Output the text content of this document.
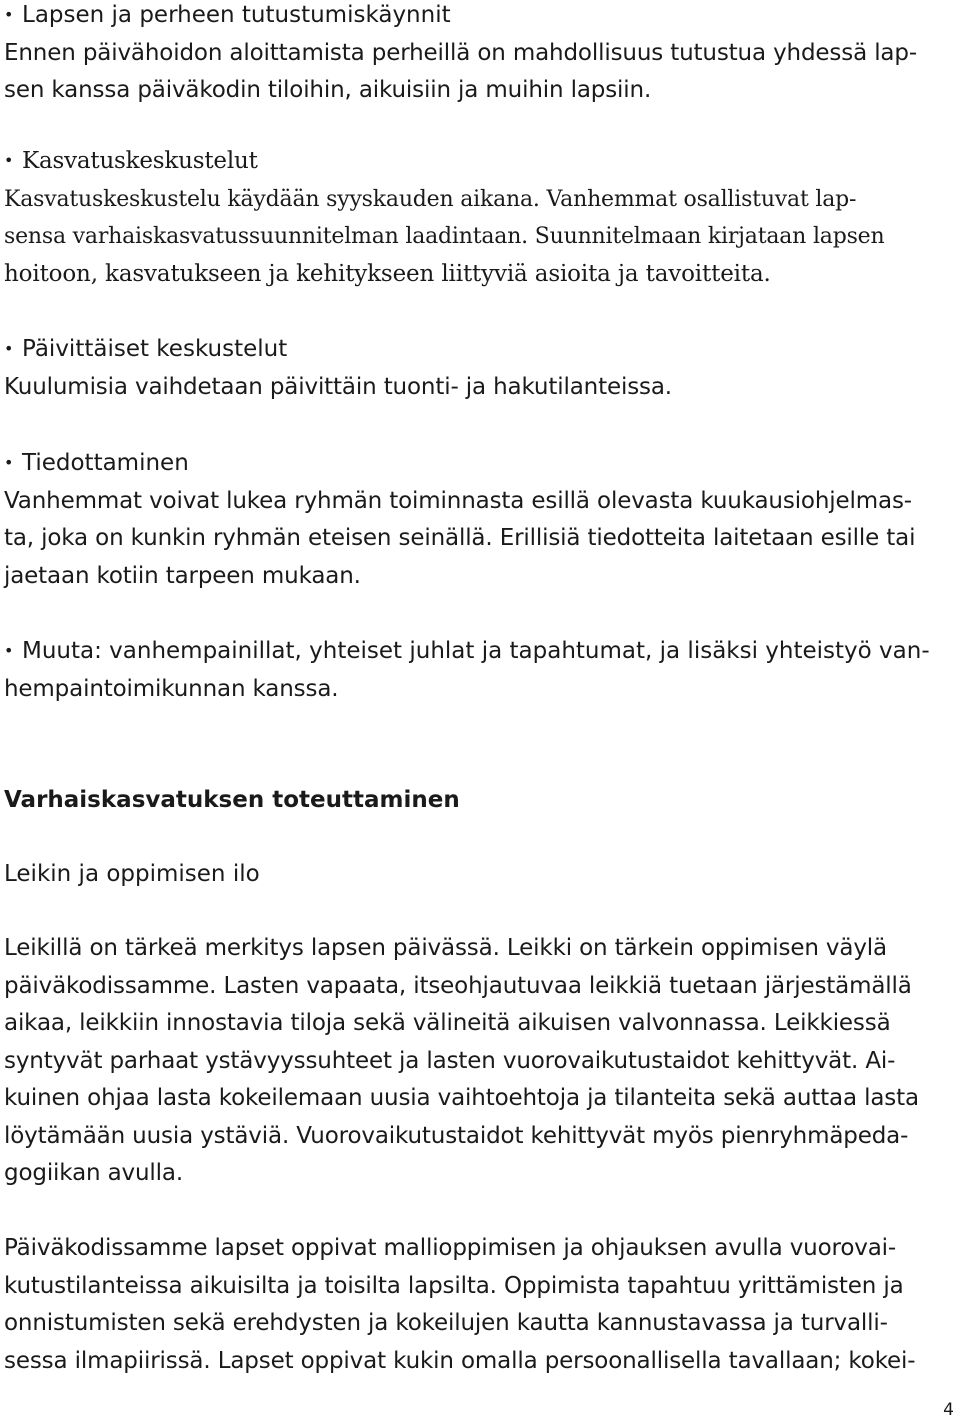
• Lapsen ja perheen tutustumiskäynnit
Ennen päivähoidon aloittamista perheillä on mahdollisuus tutustua yhdessä lap-
sen kanssa päiväkodin tiloihin, aikuisiin ja muihin lapsiin.
• Kasvatuskeskustelut
Kasvatuskeskustelu käydään syyskauden aikana. Vanhemmat osallistuvat lap-
sensa varhaiskasvatussuunnitelman laadintaan. Suunnitelmaan kirjataan lapsen
hoitoon, kasvatukseen ja kehitykseen liittyviä asioita ja tavoitteita.
• Päivittäiset keskustelut
Kuulumisia vaihdetaan päivittäin tuonti- ja hakutilanteissa.
• Tiedottaminen
Vanhemmat voivat lukea ryhmän toiminnasta esillä olevasta kuukausiohjelmas-
ta, joka on kunkin ryhmän eteisen seinällä. Erillisiä tiedotteita laitetaan esille tai
jaetaan kotiin tarpeen mukaan.
• Muuta: vanhempainillat, yhteiset juhlat ja tapahtumat, ja lisäksi yhteistyö van-
hempaintoimikunnan kanssa.
Varhaiskasvatuksen toteuttaminen
Leikin ja oppimisen ilo
Leikillä on tärkeä merkitys lapsen päivässä. Leikki on tärkein oppimisen väylä
päiväkodissamme. Lasten vapaata, itseohjautuvaa leikkiä tuetaan järjestämällä
aikaa, leikkiin innostavia tiloja sekä välineitä aikuisen valvonnassa. Leikkiessä
syntyvät parhaat ystävyyssuhteet ja lasten vuorovaikutustaidot kehittyvät. Ai-
kuinen ohjaa lasta kokeilemaan uusia vaihtoehtoja ja tilanteita sekä auttaa lasta
löytämään uusia ystäviä. Vuorovaikutustaidot kehittyvät myös pienryhmäpeda-
gogiikan avulla.
Päiväkodissamme lapset oppivat mallioppimisen ja ohjauksen avulla vuorovai-
kutustilanteissa aikuisilta ja toisilta lapsilta. Oppimista tapahtuu yrittämisten ja
onnistumisten sekä erehdysten ja kokeilujen kautta kannustavassa ja turvalli-
sessa ilmapiirissä. Lapset oppivat kukin omalla persoonallisella tavallaan; kokei-
4
